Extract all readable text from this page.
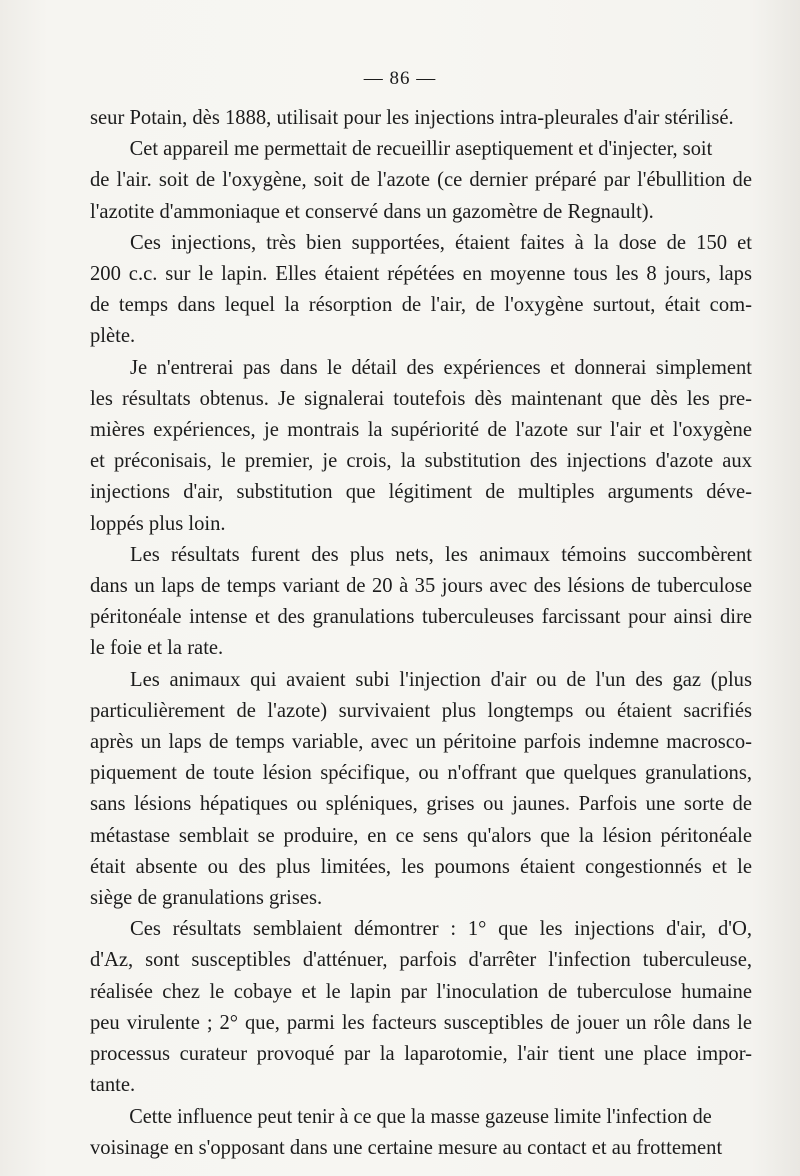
— 86 —
seur Potain, dès 1888, utilisait pour les injections intra-pleurales d'air stérilisé.
Cet appareil me permettait de recueillir aseptiquement et d'injecter, soit
de l'air. soit de l'oxygène, soit de l'azote (ce dernier préparé par l'ébullition de
l'azotite d'ammoniaque et conservé dans un gazomètre de Regnault).
Ces injections, très bien supportées, étaient faites à la dose de 150 et
200 c.c. sur le lapin. Elles étaient répétées en moyenne tous les 8 jours, laps
de temps dans lequel la résorption de l'air, de l'oxygène surtout, était com-
plète.
Je n'entrerai pas dans le détail des expériences et donnerai simplement
les résultats obtenus. Je signalerai toutefois dès maintenant que dès les pre-
mières expériences, je montrais la supériorité de l'azote sur l'air et l'oxygène
et préconisais, le premier, je crois, la substitution des injections d'azote aux
injections d'air, substitution que légitiment de multiples arguments déve-
loppés plus loin.
Les résultats furent des plus nets, les animaux témoins succombèrent
dans un laps de temps variant de 20 à 35 jours avec des lésions de tuberculose
péritonéale intense et des granulations tuberculeuses farcissant pour ainsi dire
le foie et la rate.
Les animaux qui avaient subi l'injection d'air ou de l'un des gaz (plus
particulièrement de l'azote) survivaient plus longtemps ou étaient sacrifiés
après un laps de temps variable, avec un péritoine parfois indemne macrosco-
piquement de toute lésion spécifique, ou n'offrant que quelques granulations,
sans lésions hépatiques ou spléniques, grises ou jaunes. Parfois une sorte de
métastase semblait se produire, en ce sens qu'alors que la lésion péritonéale
était absente ou des plus limitées, les poumons étaient congestionnés et le
siège de granulations grises.
Ces résultats semblaient démontrer : 1° que les injections d'air, d'O,
d'Az, sont susceptibles d'atténuer, parfois d'arrêter l'infection tuberculeuse,
réalisée chez le cobaye et le lapin par l'inoculation de tuberculose humaine
peu virulente ; 2° que, parmi les facteurs susceptibles de jouer un rôle dans le
processus curateur provoqué par la laparotomie, l'air tient une place impor-
tante.
Cette influence peut tenir à ce que la masse gazeuse limite l'infection de
voisinage en s'opposant dans une certaine mesure au contact et au frottement
